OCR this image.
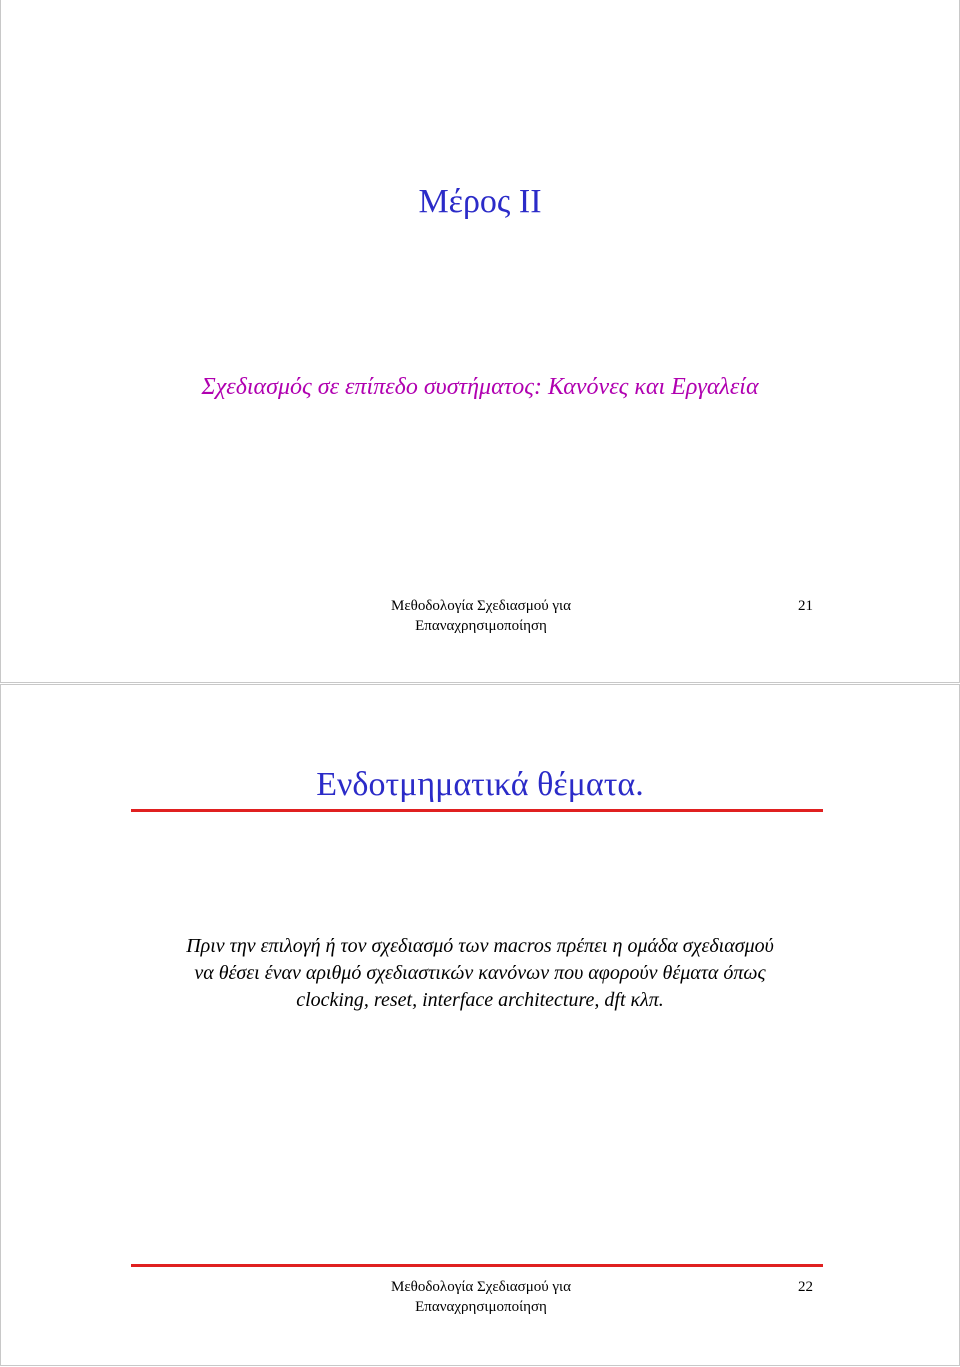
Μέρος ΙΙ
Σχεδιασμός σε επίπεδο συστήματος: Κανόνες και Εργαλεία
Μεθοδολογία Σχεδιασμού για
Επαναχρησιμοποίηση
21
Ενδοτμηματικά θέματα.
Πριν την επιλογή ή τον σχεδιασμό των macros πρέπει η ομάδα σχεδιασμού
να θέσει έναν αριθμό σχεδιαστικών κανόνων που αφορούν θέματα όπως
clocking, reset, interface architecture, dft κλπ.
Μεθοδολογία Σχεδιασμού για
Επαναχρησιμοποίηση
22
